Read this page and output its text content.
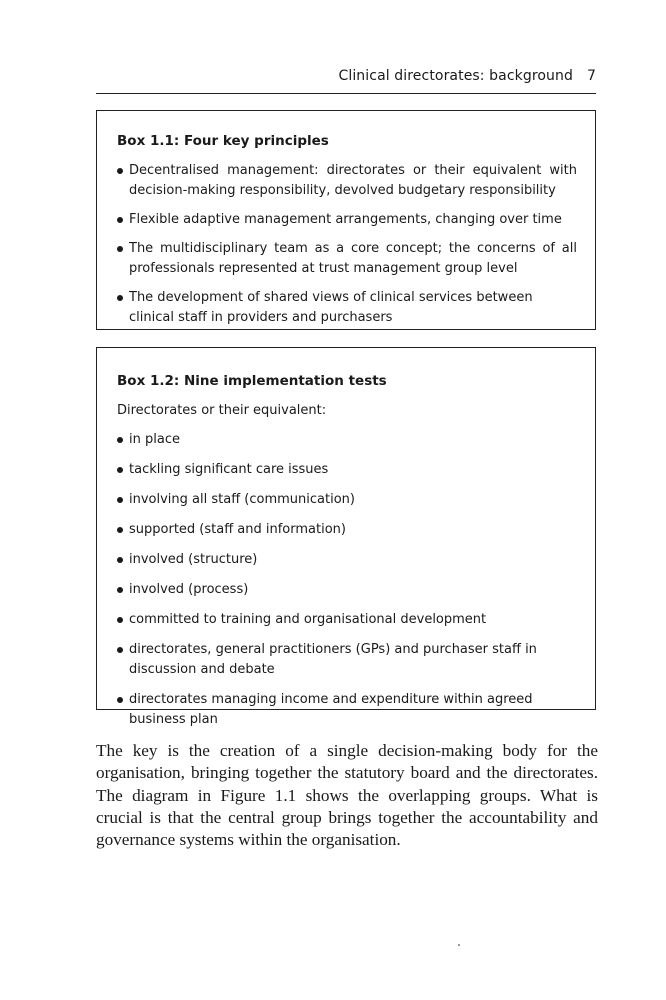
Clinical directorates: background 7
Box 1.1: Four key principles
Decentralised management: directorates or their equivalent with decision-making responsibility, devolved budgetary responsibility
Flexible adaptive management arrangements, changing over time
The multidisciplinary team as a core concept; the concerns of all professionals represented at trust management group level
The development of shared views of clinical services between clinical staff in providers and purchasers
Box 1.2: Nine implementation tests
Directorates or their equivalent:
in place
tackling significant care issues
involving all staff (communication)
supported (staff and information)
involved (structure)
involved (process)
committed to training and organisational development
directorates, general practitioners (GPs) and purchaser staff in discussion and debate
directorates managing income and expenditure within agreed business plan

The key is the creation of a single decision-making body for the organisation, bringing together the statutory board and the directorates. The diagram in Figure 1.1 shows the overlapping groups. What is crucial is that the central group brings together the accountability and governance systems within the organisation.
